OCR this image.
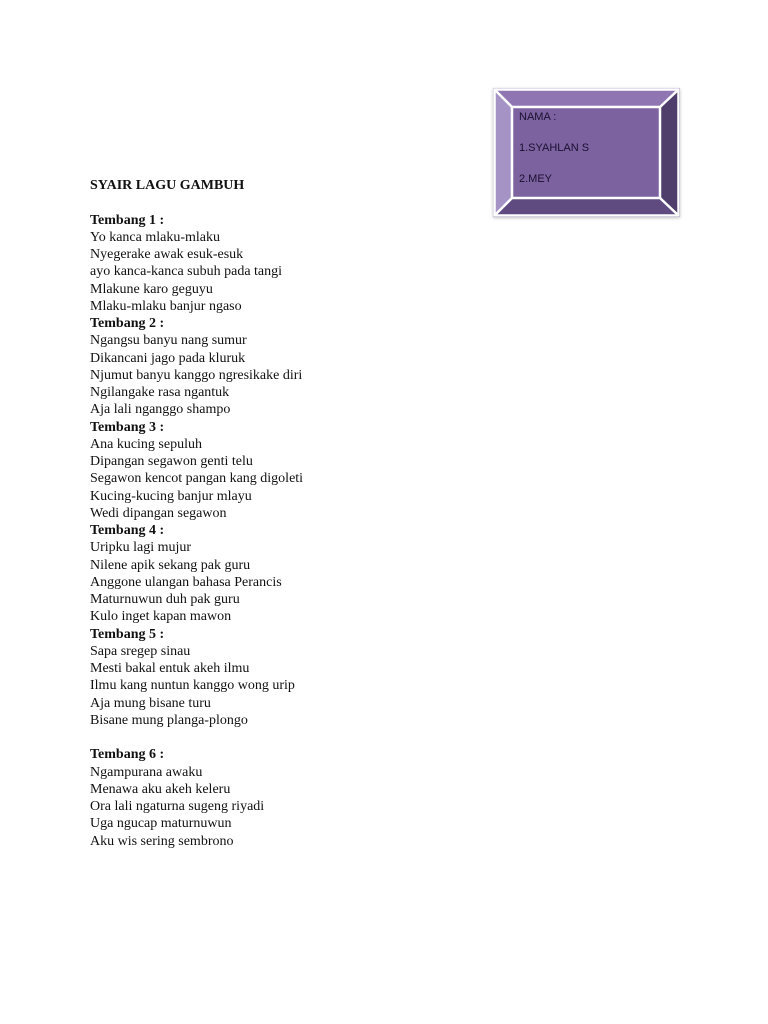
NAMA :
1.SYAHLAN S
2.MEY
SYAIR LAGU GAMBUH
Tembang 1 :
Yo kanca mlaku-mlaku
Nyegerake awak esuk-esuk
ayo kanca-kanca subuh pada tangi
Mlakune karo geguyu
Mlaku-mlaku banjur ngaso
Tembang 2 :
Ngangsu banyu nang sumur
Dikancani jago pada kluruk
Njumut banyu kanggo ngresikake diri
Ngilangake rasa ngantuk
Aja lali nganggo shampo
Tembang 3 :
Ana kucing sepuluh
Dipangan segawon genti telu
Segawon kencot pangan kang digoleti
Kucing-kucing banjur mlayu
Wedi dipangan segawon
Tembang 4 :
Uripku lagi mujur
Nilene apik sekang pak guru
Anggone ulangan bahasa Perancis
Maturnuwun duh pak guru
Kulo inget kapan mawon
Tembang 5 :
Sapa sregep sinau
Mesti bakal entuk akeh ilmu
Ilmu kang nuntun kanggo wong urip
Aja mung bisane turu
Bisane mung planga-plongo
Tembang 6 :
Ngampurana awaku
Menawa aku akeh keleru
Ora lali ngaturna sugeng riyadi
Uga ngucap maturnuwun
Aku wis sering sembrono
